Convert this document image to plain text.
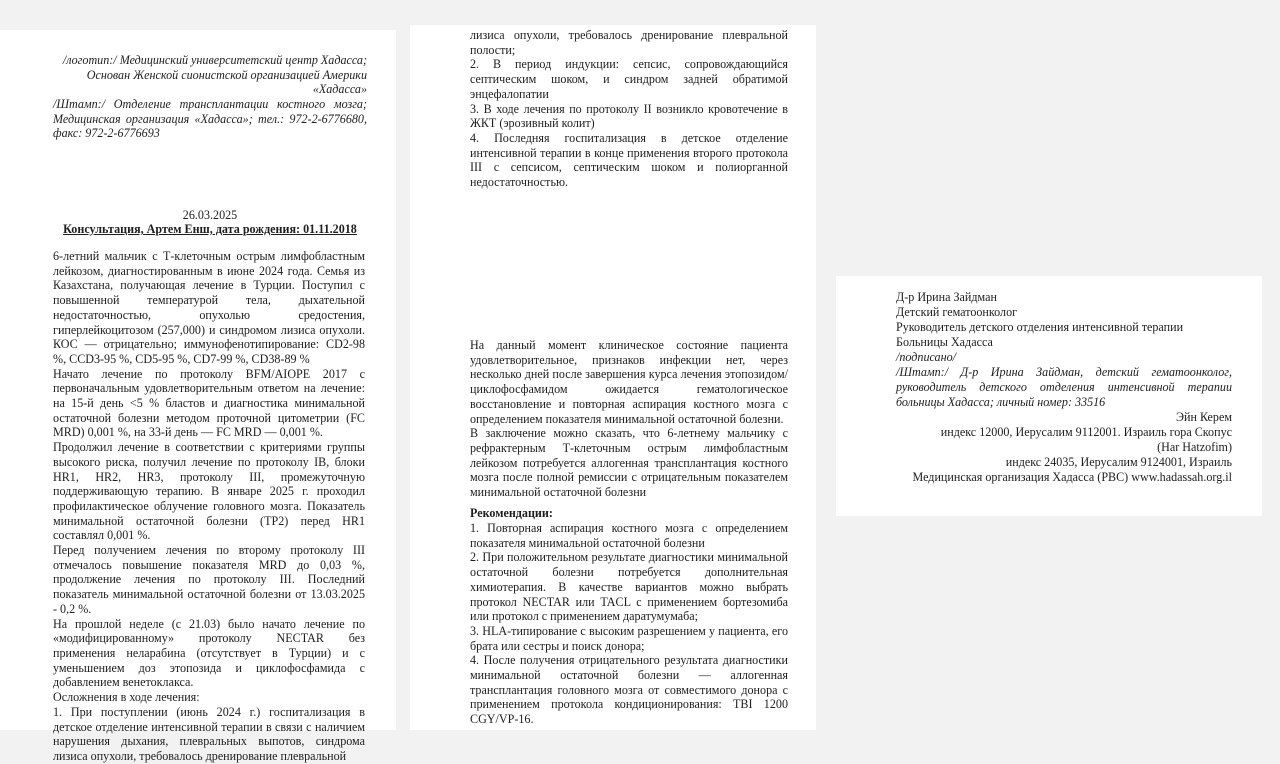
/логотип:/ Медицинский университетский центр Хадасса; Основан Женской сионистской организацией Америки «Хадасса»

/Штамп:/ Отделение трансплантации костного мозга; Медицинская организация «Хадасса»; тел.: 972-2-6776680, факс: 972-2-6776693

26.03.2025
Консультация, Артем Енш, дата рождения: 01.11.2018

6-летний мальчик с Т-клеточным острым лимфобластным лейкозом, диагностированным в июне 2024 года. Семья из Казахстана, получающая лечение в Турции. Поступил с повышенной температурой тела, дыхательной недостаточностью, опухолью средостения, гиперлейкоцитозом (257,000) и синдромом лизиса опухоли. КОС — отрицательно; иммунофенотипирование: CD2-98 %, CCD3-95 %, CD5-95 %, CD7-99 %, CD38-89 %

Начато лечение по протоколу BFM/AIOPE 2017 с первоначальным удовлетворительным ответом на лечение: на 15-й день <5 % бластов и диагностика минимальной остаточной болезни методом проточной цитометрии (FC MRD) 0,001 %, на 33-й день — FC MRD — 0,001 %.

Продолжил лечение в соответствии с критериями группы высокого риска, получил лечение по протоколу IB, блоки HR1, HR2, HR3, протоколу III, промежуточную поддерживающую терапию. В январе 2025 г. проходил профилактическое облучение головного мозга. Показатель минимальной остаточной болезни (TP2) перед HR1 составлял 0,001 %.

Перед получением лечения по второму протоколу III отмечалось повышение показателя MRD до 0,03 %, продолжение лечения по протоколу III. Последний показатель минимальной остаточной болезни от 13.03.2025 - 0,2 %.

На прошлой неделе (с 21.03) было начато лечение по «модифицированному» протоколу NECTAR без применения неларабина (отсутствует в Турции) и с уменьшением доз этопозида и циклофосфамида с добавлением венетоклакса.

Осложнения в ходе лечения:

1. При поступлении (июнь 2024 г.) госпитализация в детское отделение интенсивной терапии в связи с наличием нарушения дыхания, плевральных выпотов, синдрома лизиса опухоли, требовалось дренирование плевральной

лизиса опухоли, требовалось дренирование плевральной полости;

2. В период индукции: сепсис, сопровождающийся септическим шоком, и синдром задней обратимой энцефалопатии

3. В ходе лечения по протоколу II возникло кровотечение в ЖКТ (эрозивный колит)

4. Последняя госпитализация в детское отделение интенсивной терапии в конце применения второго протокола III с сепсисом, септическим шоком и полиорганной недостаточностью.

На данный момент клиническое состояние пациента удовлетворительное, признаков инфекции нет, через несколько дней после завершения курса лечения этопозидом/циклофосфамидом ожидается гематологическое восстановление и повторная аспирация костного мозга с определением показателя минимальной остаточной болезни.

В заключение можно сказать, что 6-летнему мальчику с рефрактерным Т-клеточным острым лимфобластным лейкозом потребуется аллогенная трансплантация костного мозга после полной ремиссии с отрицательным показателем минимальной остаточной болезни

Рекомендации:

1. Повторная аспирация костного мозга с определением показателя минимальной остаточной болезни

2. При положительном результате диагностики минимальной остаточной болезни потребуется дополнительная химиотерапия. В качестве вариантов можно выбрать протокол NECTAR или TACL с применением бортезомиба или протокол с применением даратумумаба;

3. HLA-типирование с высоким разрешением у пациента, его брата или сестры и поиск донора;

4. После получения отрицательного результата диагностики минимальной остаточной болезни — аллогенная трансплантация головного мозга от совместимого донора с применением протокола кондиционирования: TBI 1200 CGY/VP-16.

Д-р Ирина Зайдман
Детский гематоонколог
Руководитель детского отделения интенсивной терапии
Больницы Хадасса
/подписано/

/Штамп:/ Д-р Ирина Зайдман, детский гематоонколог, руководитель детского отделения интенсивной терапии больницы Хадасса; личный номер: 33516

Эйн Керем
индекс 12000, Иерусалим 9112001. Израиль гора Скопус (Har Hatzofim)
индекс 24035, Иерусалим 9124001, Израиль
Медицинская организация Хадасса (PBC) www.hadassah.org.il
